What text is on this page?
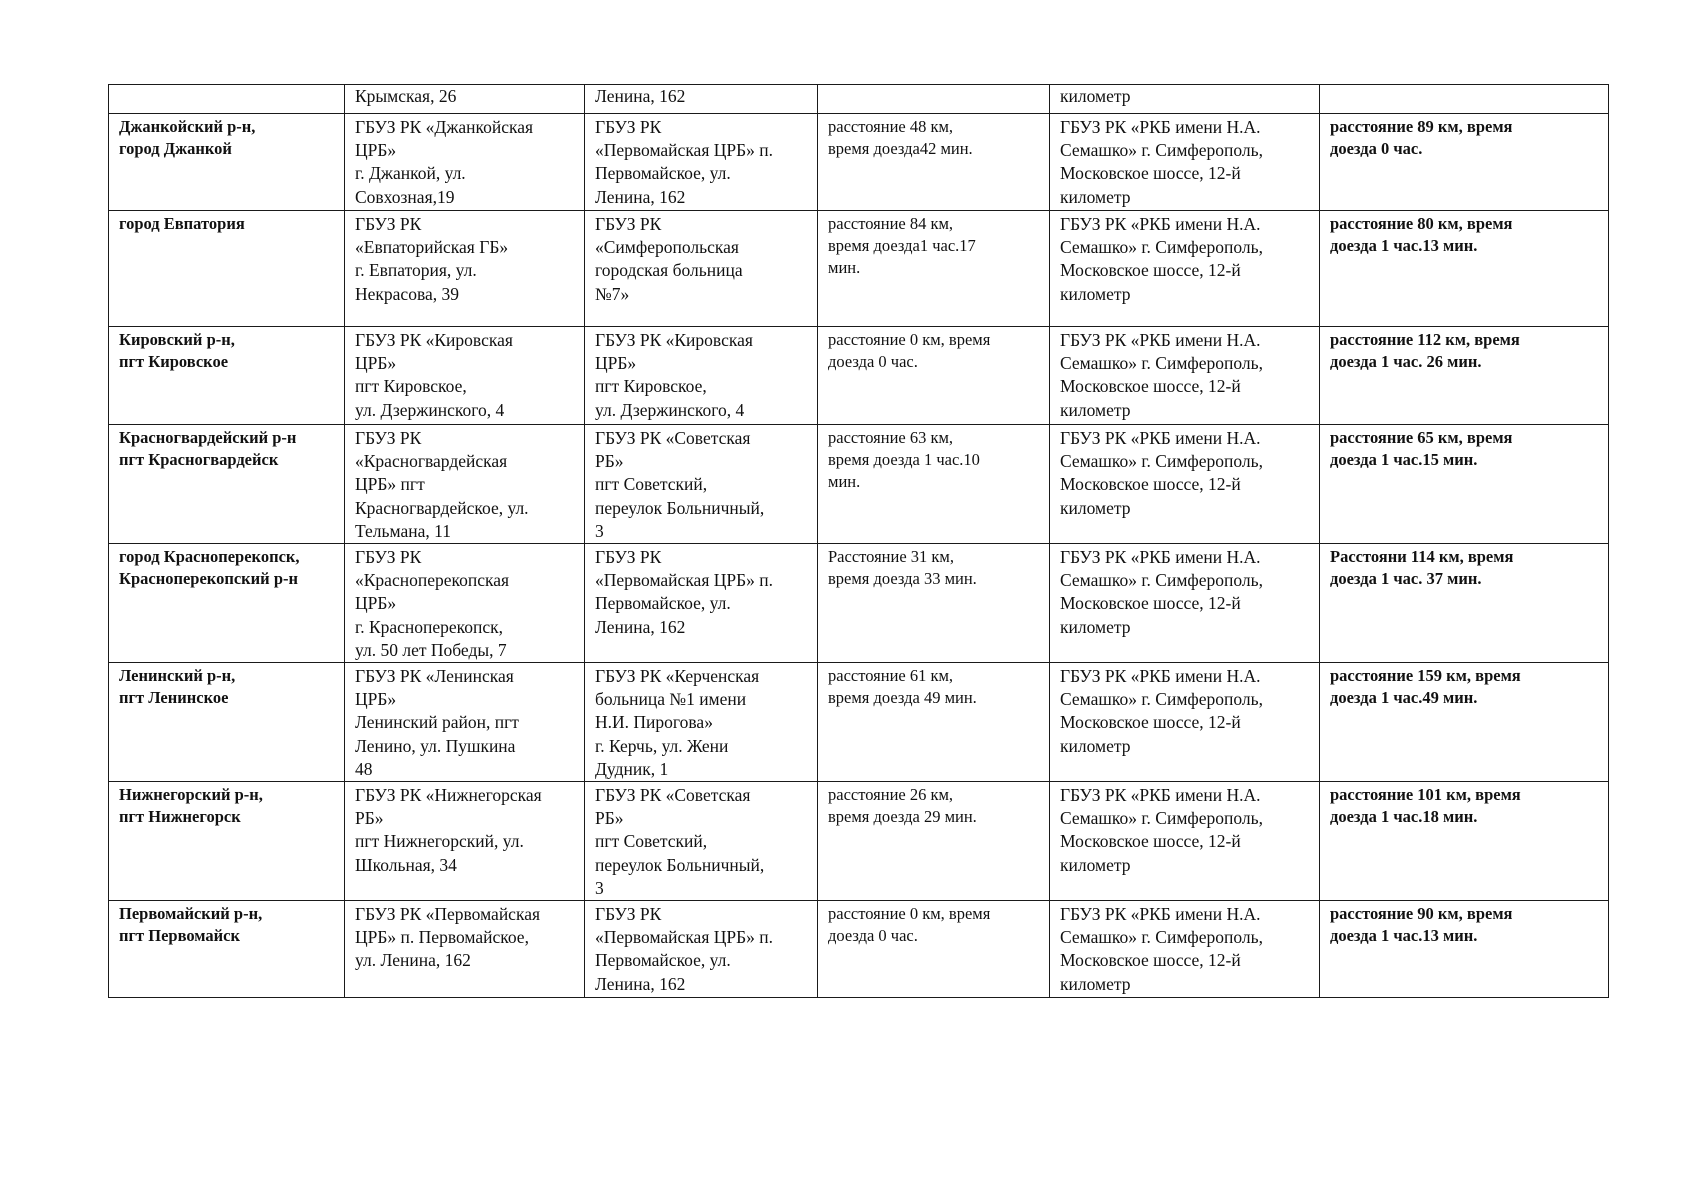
	Крымская, 26	Ленина, 162		километр	
Джанкойский р-н,
город Джанкой	ГБУЗ РК «Джанкойская
ЦРБ»
г. Джанкой, ул.
Совхозная,19	ГБУЗ РК
«Первомайская ЦРБ» п.
Первомайское, ул.
Ленина, 162	расстояние 48 км,
время доезда42 мин.	ГБУЗ РК «РКБ имени Н.А.
Семашко» г. Симферополь,
Московское шоссе, 12-й
километр	расстояние 89 км, время
доезда 0 час.
город Евпатория	ГБУЗ РК
«Евпаторийская ГБ»
г. Евпатория, ул.
Некрасова, 39	ГБУЗ РК
«Симферопольская
городская больница
№7»	расстояние 84 км,
время доезда1 час.17
мин.	ГБУЗ РК «РКБ имени Н.А.
Семашко» г. Симферополь,
Московское шоссе, 12-й
километр	расстояние 80 км, время
доезда 1 час.13 мин.
Кировский р-н,
пгт Кировское	ГБУЗ РК «Кировская
ЦРБ»
пгт Кировское,
ул. Дзержинского, 4	ГБУЗ РК «Кировская
ЦРБ»
пгт Кировское,
ул. Дзержинского, 4	расстояние 0 км, время
доезда 0 час.	ГБУЗ РК «РКБ имени Н.А.
Семашко» г. Симферополь,
Московское шоссе, 12-й
километр	расстояние 112 км, время
доезда 1 час. 26 мин.
Красногвардейский р-н
пгт Красногвардейск	ГБУЗ РК
«Красногвардейская
ЦРБ» пгт
Красногвардейское, ул.
Тельмана, 11	ГБУЗ РК «Советская
РБ»
пгт Советский,
переулок Больничный,
3	расстояние 63 км,
время доезда 1 час.10
мин.	ГБУЗ РК «РКБ имени Н.А.
Семашко» г. Симферополь,
Московское шоссе, 12-й
километр	расстояние 65 км, время
доезда 1 час.15 мин.
город Красноперекопск,
Красноперекопский р-н	ГБУЗ РК
«Красноперекопская
ЦРБ»
г. Красноперекопск,
ул. 50 лет Победы, 7	ГБУЗ РК
«Первомайская ЦРБ» п.
Первомайское, ул.
Ленина, 162	Расстояние 31 км,
время доезда 33 мин.	ГБУЗ РК «РКБ имени Н.А.
Семашко» г. Симферополь,
Московское шоссе, 12-й
километр	Расстояни 114 км, время
доезда 1 час. 37 мин.
Ленинский р-н,
пгт Ленинское	ГБУЗ РК «Ленинская
ЦРБ»
Ленинский район, пгт
Ленино, ул. Пушкина
48	ГБУЗ РК «Керченская
больница №1 имени
Н.И. Пирогова»
г. Керчь, ул. Жени
Дудник, 1	расстояние 61 км,
время доезда 49 мин.	ГБУЗ РК «РКБ имени Н.А.
Семашко» г. Симферополь,
Московское шоссе, 12-й
километр	расстояние 159 км, время
доезда 1 час.49 мин.
Нижнегорский р-н,
пгт Нижнегорск	ГБУЗ РК «Нижнегорская
РБ»
пгт Нижнегорский, ул.
Школьная, 34	ГБУЗ РК «Советская
РБ»
пгт Советский,
переулок Больничный,
3	расстояние 26 км,
время доезда 29 мин.	ГБУЗ РК «РКБ имени Н.А.
Семашко» г. Симферополь,
Московское шоссе, 12-й
километр	расстояние 101 км, время
доезда 1 час.18 мин.
Первомайский р-н,
пгт Первомайск	ГБУЗ РК «Первомайская
ЦРБ» п. Первомайское,
ул. Ленина, 162	ГБУЗ РК
«Первомайская ЦРБ» п.
Первомайское, ул.
Ленина, 162	расстояние 0 км, время
доезда 0 час.	ГБУЗ РК «РКБ имени Н.А.
Семашко» г. Симферополь,
Московское шоссе, 12-й
километр	расстояние 90 км, время
доезда 1 час.13 мин.
